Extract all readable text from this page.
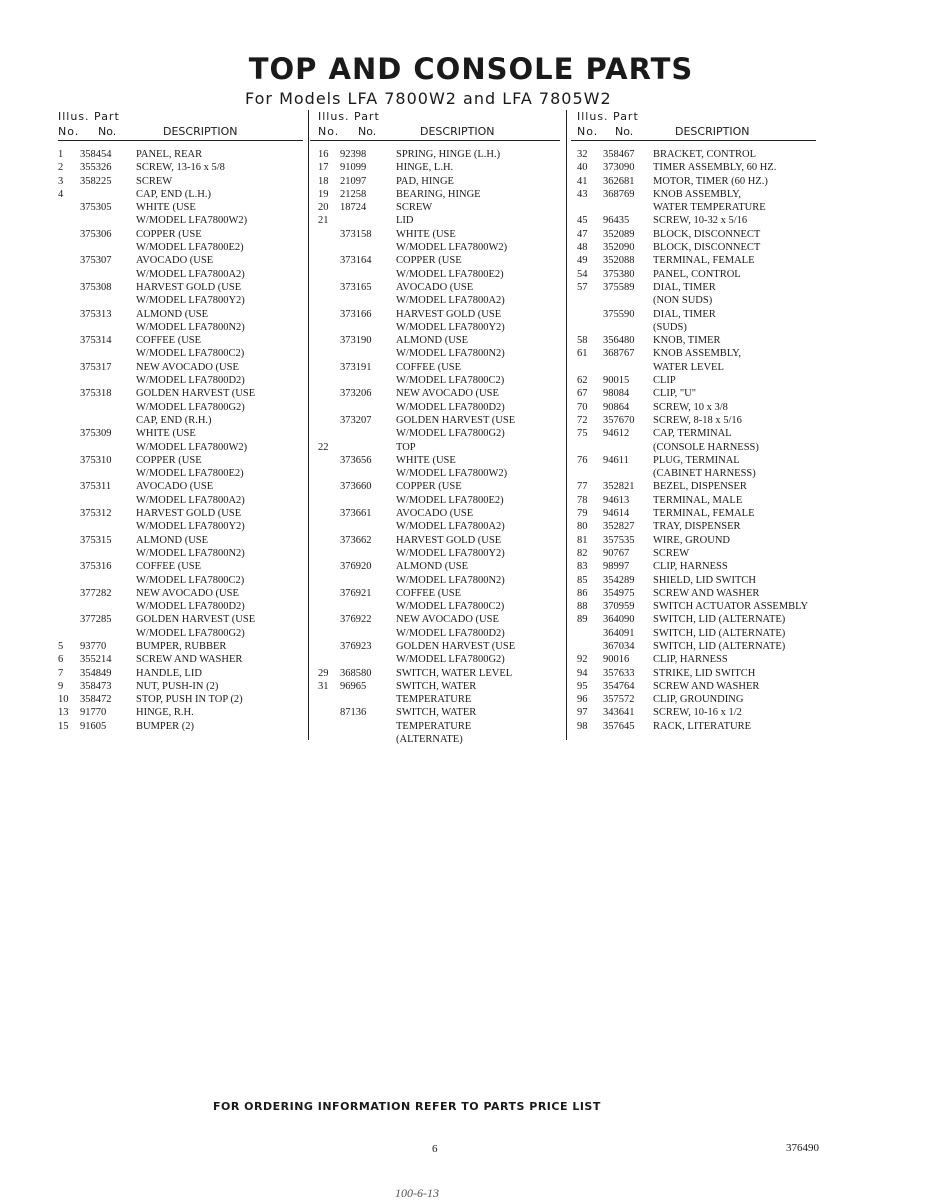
TOP AND CONSOLE PARTS
For Models LFA 7800W2 and LFA 7805W2
Illus. Part
No. No.	DESCRIPTION
1	358454	PANEL, REAR
2	355326	SCREW, 13-16 x 5/8
3	358225	SCREW
4	CAP, END (L.H.)
375305	WHITE (USE
W/MODEL LFA7800W2)
375306	COPPER (USE
W/MODEL LFA7800E2)
375307	AVOCADO (USE
W/MODEL LFA7800A2)
375308	HARVEST GOLD (USE
W/MODEL LFA7800Y2)
375313	ALMOND (USE
W/MODEL LFA7800N2)
375314	COFFEE (USE
W/MODEL LFA7800C2)
375317	NEW AVOCADO (USE
W/MODEL LFA7800D2)
375318	GOLDEN HARVEST (USE
W/MODEL LFA7800G2)
CAP, END (R.H.)
375309	WHITE (USE
W/MODEL LFA7800W2)
375310	COPPER (USE
W/MODEL LFA7800E2)
375311	AVOCADO (USE
W/MODEL LFA7800A2)
375312	HARVEST GOLD (USE
W/MODEL LFA7800Y2)
375315	ALMOND (USE
W/MODEL LFA7800N2)
375316	COFFEE (USE
W/MODEL LFA7800C2)
377282	NEW AVOCADO (USE
W/MODEL LFA7800D2)
377285	GOLDEN HARVEST (USE
W/MODEL LFA7800G2)
5	93770	BUMPER, RUBBER
6	355214	SCREW AND WASHER
7	354849	HANDLE, LID
9	358473	NUT, PUSH-IN (2)
10	358472	STOP, PUSH IN TOP (2)
13	91770	HINGE, R.H.
15	91605	BUMPER (2)
Illus. Part
No. No.	DESCRIPTION
16	92398	SPRING, HINGE (L.H.)
17	91099	HINGE, L.H.
18	21097	PAD, HINGE
19	21258	BEARING, HINGE
20	18724	SCREW
21	LID
373158	WHITE (USE
W/MODEL LFA7800W2)
373164	COPPER (USE
W/MODEL LFA7800E2)
373165	AVOCADO (USE
W/MODEL LFA7800A2)
373166	HARVEST GOLD (USE
W/MODEL LFA7800Y2)
373190	ALMOND (USE
W/MODEL LFA7800N2)
373191	COFFEE (USE
W/MODEL LFA7800C2)
373206	NEW AVOCADO (USE
W/MODEL LFA7800D2)
373207	GOLDEN HARVEST (USE
W/MODEL LFA7800G2)
22	TOP
373656	WHITE (USE
W/MODEL LFA7800W2)
373660	COPPER (USE
W/MODEL LFA7800E2)
373661	AVOCADO (USE
W/MODEL LFA7800A2)
373662	HARVEST GOLD (USE
W/MODEL LFA7800Y2)
376920	ALMOND (USE
W/MODEL LFA7800N2)
376921	COFFEE (USE
W/MODEL LFA7800C2)
376922	NEW AVOCADO (USE
W/MODEL LFA7800D2)
376923	GOLDEN HARVEST (USE
W/MODEL LFA7800G2)
29	368580	SWITCH, WATER LEVEL
31	96965	SWITCH, WATER
TEMPERATURE
87136	SWITCH, WATER
TEMPERATURE
(ALTERNATE)
Illus. Part
No. No.	DESCRIPTION
32	358467	BRACKET, CONTROL
40	373090	TIMER ASSEMBLY, 60 HZ.
41	362681	MOTOR, TIMER (60 HZ.)
43	368769	KNOB ASSEMBLY,
WATER TEMPERATURE
45	96435	SCREW, 10-32 x 5/16
47	352089	BLOCK, DISCONNECT
48	352090	BLOCK, DISCONNECT
49	352088	TERMINAL, FEMALE
54	375380	PANEL, CONTROL
57	375589	DIAL, TIMER
(NON SUDS)
375590	DIAL, TIMER
(SUDS)
58	356480	KNOB, TIMER
61	368767	KNOB ASSEMBLY,
WATER LEVEL
62	90015	CLIP
67	98084	CLIP, "U"
70	90864	SCREW, 10 x 3/8
72	357670	SCREW, 8-18 x 5/16
75	94612	CAP, TERMINAL
(CONSOLE HARNESS)
76	94611	PLUG, TERMINAL
(CABINET HARNESS)
77	352821	BEZEL, DISPENSER
78	94613	TERMINAL, MALE
79	94614	TERMINAL, FEMALE
80	352827	TRAY, DISPENSER
81	357535	WIRE, GROUND
82	90767	SCREW
83	98997	CLIP, HARNESS
85	354289	SHIELD, LID SWITCH
86	354975	SCREW AND WASHER
88	370959	SWITCH ACTUATOR ASSEMBLY
89	364090	SWITCH, LID (ALTERNATE)
364091	SWITCH, LID (ALTERNATE)
367034	SWITCH, LID (ALTERNATE)
92	90016	CLIP, HARNESS
94	357633	STRIKE, LID SWITCH
95	354764	SCREW AND WASHER
96	357572	CLIP, GROUNDING
97	343641	SCREW, 10-16 x 1/2
98	357645	RACK, LITERATURE
FOR ORDERING INFORMATION REFER TO PARTS PRICE LIST
6	376490
100-6-13
